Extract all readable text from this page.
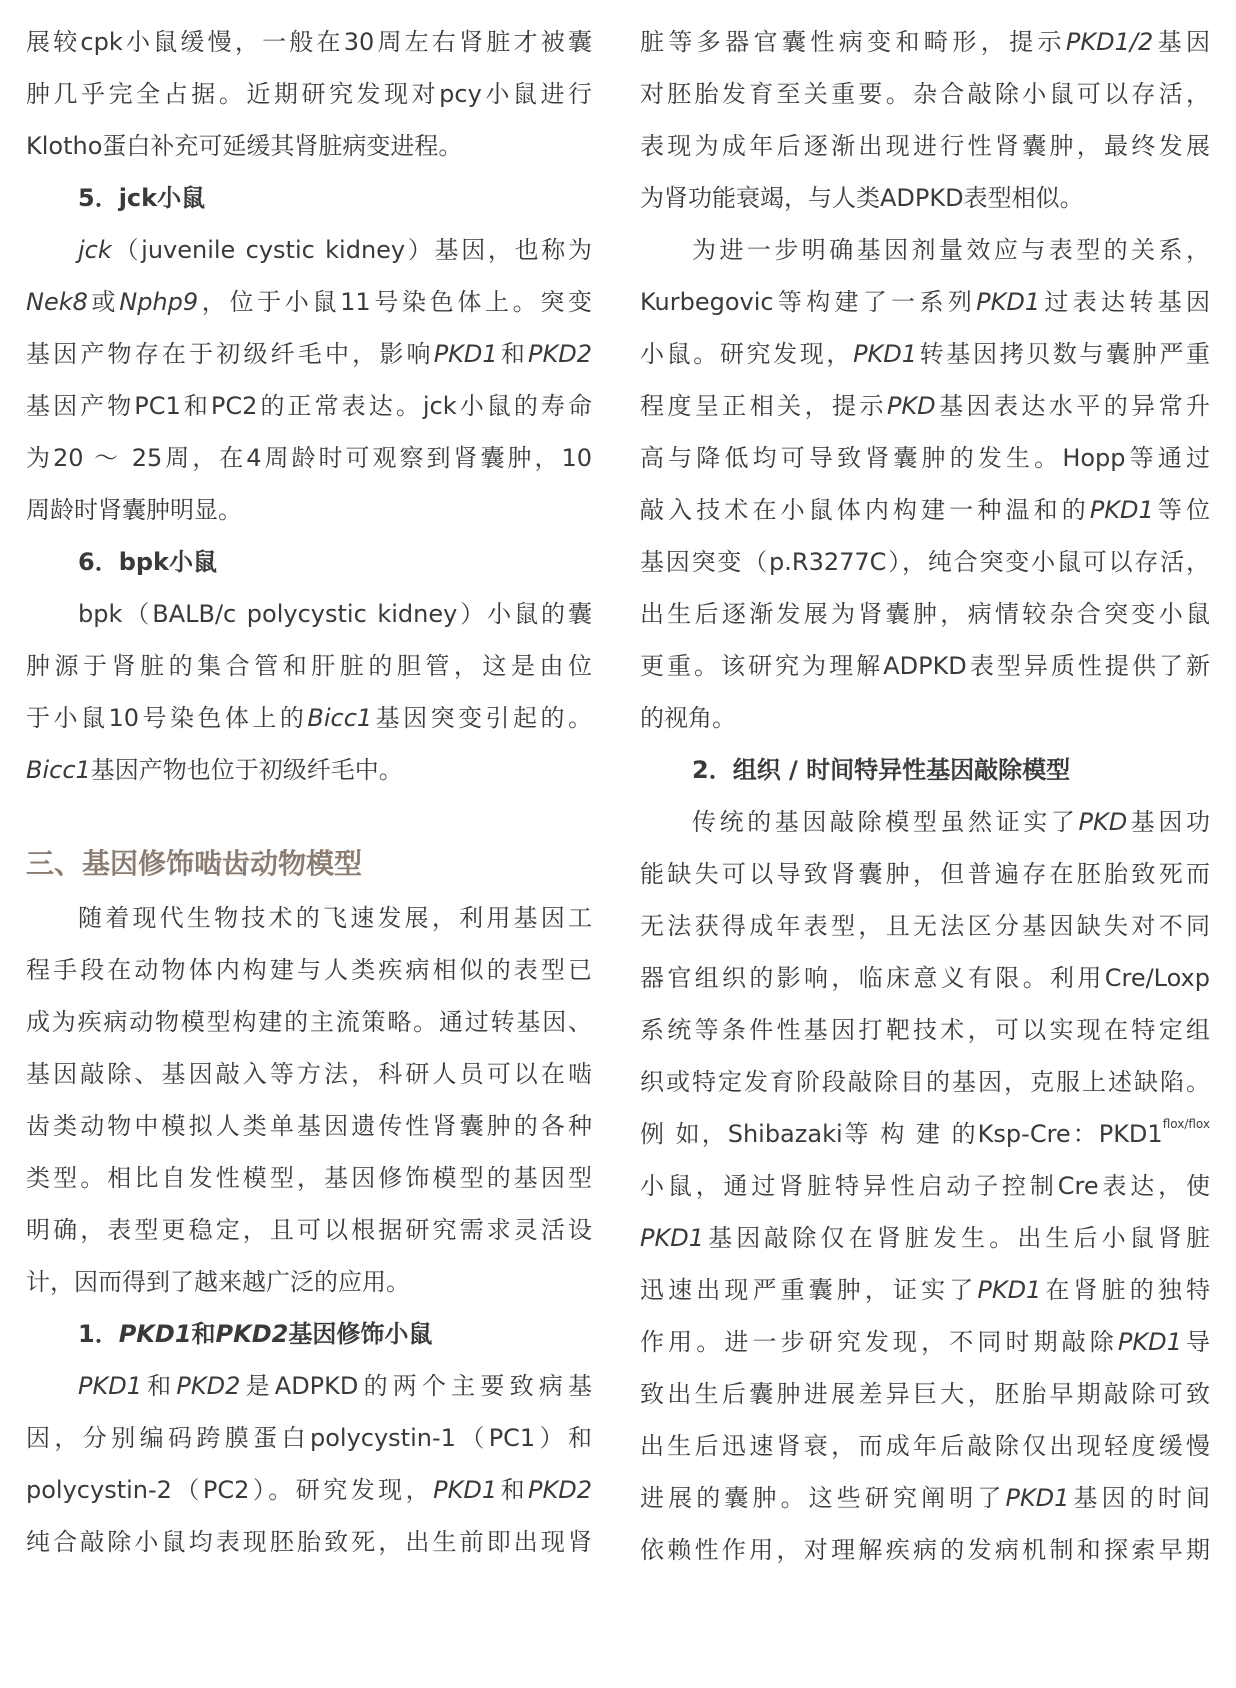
展较cpk小鼠缓慢，一般在30周左右肾脏才被囊
肿几乎完全占据。近期研究发现对pcy小鼠进行
Klotho蛋白补充可延缓其肾脏病变进程。
5．jck小鼠
jck（juvenile cystic kidney）基因，也称为
Nek8或Nphp9，位于小鼠11号染色体上。突变
基因产物存在于初级纤毛中，影响PKD1和PKD2
基因产物PC1和PC2的正常表达。jck小鼠的寿命
为20 ～ 25周，在4周龄时可观察到肾囊肿，10
周龄时肾囊肿明显。
6．bpk小鼠
bpk（BALB/c polycystic kidney）小鼠的囊
肿源于肾脏的集合管和肝脏的胆管，这是由位
于小鼠10号染色体上的Bicc1基因突变引起的。
Bicc1基因产物也位于初级纤毛中。
三、基因修饰啮齿动物模型
随着现代生物技术的飞速发展，利用基因工
程手段在动物体内构建与人类疾病相似的表型已
成为疾病动物模型构建的主流策略。通过转基因、
基因敲除、基因敲入等方法，科研人员可以在啮
齿类动物中模拟人类单基因遗传性肾囊肿的各种
类型。相比自发性模型，基因修饰模型的基因型
明确，表型更稳定，且可以根据研究需求灵活设
计，因而得到了越来越广泛的应用。
1．PKD1和PKD2基因修饰小鼠
PKD1和PKD2是ADPKD的两个主要致病基
因，分别编码跨膜蛋白polycystin-1（PC1）和
polycystin-2（PC2）。研究发现，PKD1和PKD2
纯合敲除小鼠均表现胚胎致死，出生前即出现肾
脏等多器官囊性病变和畸形，提示PKD1/2基因
对胚胎发育至关重要。杂合敲除小鼠可以存活，
表现为成年后逐渐出现进行性肾囊肿，最终发展
为肾功能衰竭，与人类ADPKD表型相似。
为进一步明确基因剂量效应与表型的关系，
Kurbegovic等构建了一系列PKD1过表达转基因
小鼠。研究发现，PKD1转基因拷贝数与囊肿严重
程度呈正相关，提示PKD基因表达水平的异常升
高与降低均可导致肾囊肿的发生。Hopp等通过
敲入技术在小鼠体内构建一种温和的PKD1等位
基因突变（p.R3277C），纯合突变小鼠可以存活，
出生后逐渐发展为肾囊肿，病情较杂合突变小鼠
更重。该研究为理解ADPKD表型异质性提供了新
的视角。
2．组织 / 时间特异性基因敲除模型
传统的基因敲除模型虽然证实了PKD基因功
能缺失可以导致肾囊肿，但普遍存在胚胎致死而
无法获得成年表型，且无法区分基因缺失对不同
器官组织的影响，临床意义有限。利用Cre/Loxp
系统等条件性基因打靶技术，可以实现在特定组
织或特定发育阶段敲除目的基因，克服上述缺陷。
例 如，Shibazaki等 构 建 的Ksp-Cre：$PKD1^{flox/flox}$
小鼠，通过肾脏特异性启动子控制Cre表达，使
PKD1基因敲除仅在肾脏发生。出生后小鼠肾脏
迅速出现严重囊肿，证实了PKD1在肾脏的独特
作用。进一步研究发现，不同时期敲除PKD1导
致出生后囊肿进展差异巨大，胚胎早期敲除可致
出生后迅速肾衰，而成年后敲除仅出现轻度缓慢
进展的囊肿。这些研究阐明了PKD1基因的时间
依赖性作用，对理解疾病的发病机制和探索早期
